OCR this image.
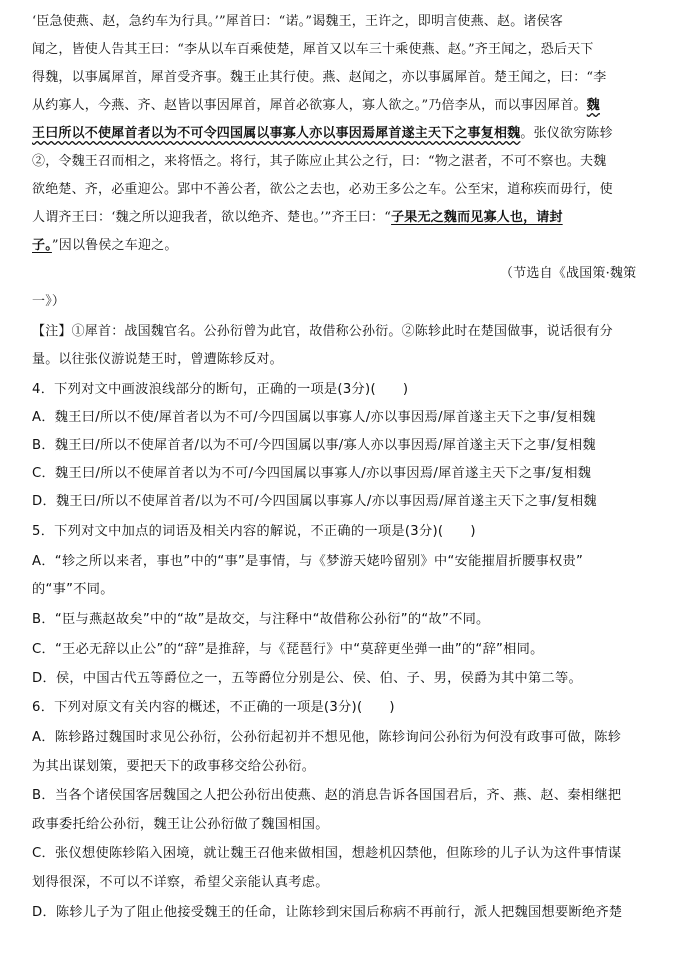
‘臣急使燕、赵，急约车为行具。’”犀首曰：“诺。”谒魏王，王许之，即明言使燕、赵。诸侯客
闻之，皆使人告其王曰：“李从以车百乘使楚，犀首又以车三十乘使燕、赵。”齐王闻之，恐后天下
得魏，以事属犀首，犀首受齐事。魏王止其行使。燕、赵闻之，亦以事属犀首。楚王闻之，曰：“李
从约寡人，今燕、齐、赵皆以事因犀首，犀首必欲寡人，寡人欲之。”乃倍李从，而以事因犀首。魏
王曰所以不使犀首者以为不可令四国属以事寡人亦以事因焉犀首遂主天下之事复相魏。张仪欲穷陈轸
②，令魏王召而相之，来将悟之。将行，其子陈应止其公之行，曰：“物之湛者，不可不察也。夫魏
欲绝楚、齐，必重迎公。郢中不善公者，欲公之去也，必劝王多公之车。公至宋，道称疾而毋行，使
人谓齐王曰：‘魏之所以迎我者，欲以绝齐、楚也。’”齐王曰：“子果无之魏而见寡人也，请封
子。”因以鲁侯之车迎之。
（节选自《战国策·魏策
一》）
【注】①犀首：战国魏官名。公孙衍曾为此官，故借称公孙衍。②陈轸此时在楚国做事，说话很有分
量。以往张仪游说楚王时，曾遭陈轸反对。
4．下列对文中画波浪线部分的断句，正确的一项是(3分)(　　)
A．魏王曰/所以不使/犀首者以为不可/今四国属以事寡人/亦以事因焉/犀首遂主天下之事/复相魏
B．魏王曰/所以不使犀首者/以为不可/今四国属以事/寡人亦以事因焉/犀首遂主天下之事/复相魏
C．魏王曰/所以不使犀首者以为不可/今四国属以事寡人/亦以事因焉/犀首遂主天下之事/复相魏
D．魏王曰/所以不使犀首者/以为不可/今四国属以事寡人/亦以事因焉/犀首遂主天下之事/复相魏
5．下列对文中加点的词语及相关内容的解说，不正确的一项是(3分)(　　)
A．“轸之所以来者，事也”中的“事”是事情，与《梦游天姥吟留别》中“安能摧眉折腰事权贵”
的“事”不同。
B．“臣与燕赵故矣”中的“故”是故交，与注释中“故借称公孙衍”的“故”不同。
C．“王必无辞以止公”的“辞”是推辞，与《琵琶行》中“莫辞更坐弹一曲”的“辞”相同。
D．侯，中国古代五等爵位之一，五等爵位分别是公、侯、伯、子、男，侯爵为其中第二等。
6．下列对原文有关内容的概述，不正确的一项是(3分)(　　)
A．陈轸路过魏国时求见公孙衍，公孙衍起初并不想见他，陈轸询问公孙衍为何没有政事可做，陈轸
为其出谋划策，要把天下的政事移交给公孙衍。
B．当各个诸侯国客居魏国之人把公孙衍出使燕、赵的消息告诉各国国君后，齐、燕、赵、秦相继把
政事委托给公孙衍，魏王让公孙衍做了魏国相国。
C．张仪想使陈轸陷入困境，就让魏王召他来做相国，想趁机囚禁他，但陈珍的儿子认为这件事情谋
划得很深，不可以不详察，希望父亲能认真考虑。
D．陈轸儿子为了阻止他接受魏王的任命，让陈轸到宋国后称病不再前行，派人把魏国想要断绝齐楚
